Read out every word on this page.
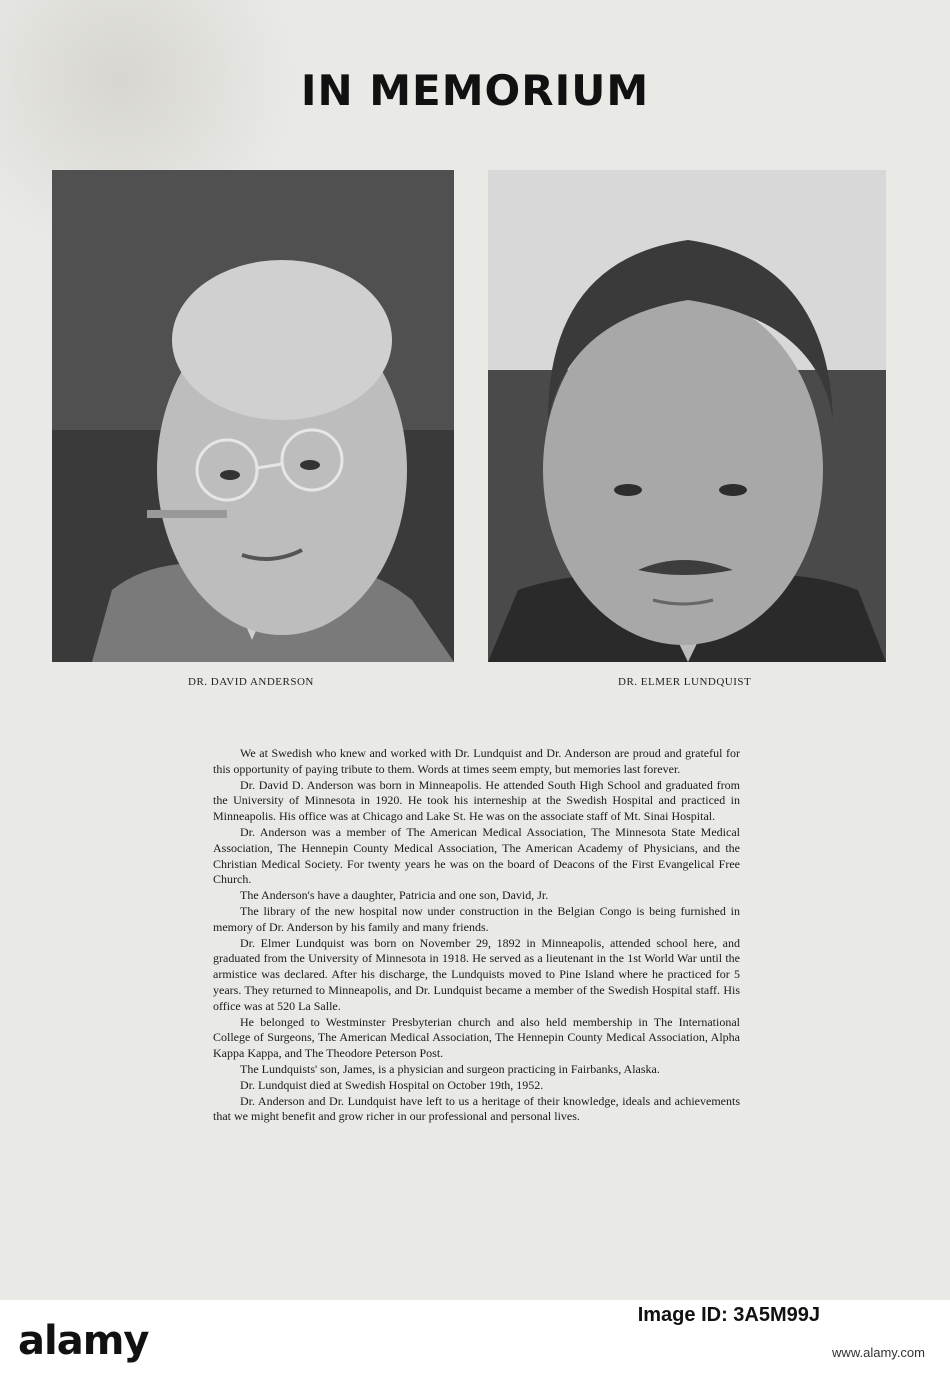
IN MEMORIUM

DR. DAVID ANDERSON	DR. ELMER LUNDQUIST

We at Swedish who knew and worked with Dr. Lundquist and Dr. Anderson are proud and grateful for this opportunity of paying tribute to them. Words at times seem empty, but memories last forever.

Dr. David D. Anderson was born in Minneapolis. He attended South High School and graduated from the University of Minnesota in 1920. He took his interneship at the Swedish Hospital and practiced in Minneapolis. His office was at Chicago and Lake St. He was on the associate staff of Mt. Sinai Hospital.

Dr. Anderson was a member of The American Medical Association, The Minnesota State Medical Association, The Hennepin County Medical Association, The American Academy of Physicians, and the Christian Medical Society. For twenty years he was on the board of Deacons of the First Evangelical Free Church.

The Anderson's have a daughter, Patricia and one son, David, Jr.

The library of the new hospital now under construction in the Belgian Congo is being furnished in memory of Dr. Anderson by his family and many friends.

Dr. Elmer Lundquist was born on November 29, 1892 in Minneapolis, attended school here, and graduated from the University of Minnesota in 1918. He served as a lieutenant in the 1st World War until the armistice was declared. After his discharge, the Lundquists moved to Pine Island where he practiced for 5 years. They returned to Minneapolis, and Dr. Lundquist became a member of the Swedish Hospital staff. His office was at 520 La Salle.

He belonged to Westminster Presbyterian church and also held membership in The International College of Surgeons, The American Medical Association, The Hennepin County Medical Association, Alpha Kappa Kappa, and The Theodore Peterson Post.

The Lundquists' son, James, is a physician and surgeon practicing in Fairbanks, Alaska.

Dr. Lundquist died at Swedish Hospital on October 19th, 1952.

Dr. Anderson and Dr. Lundquist have left to us a heritage of their knowledge, ideals and achievements that we might benefit and grow richer in our professional and personal lives.

alamy
Image ID: 3A5M99J
www.alamy.com
